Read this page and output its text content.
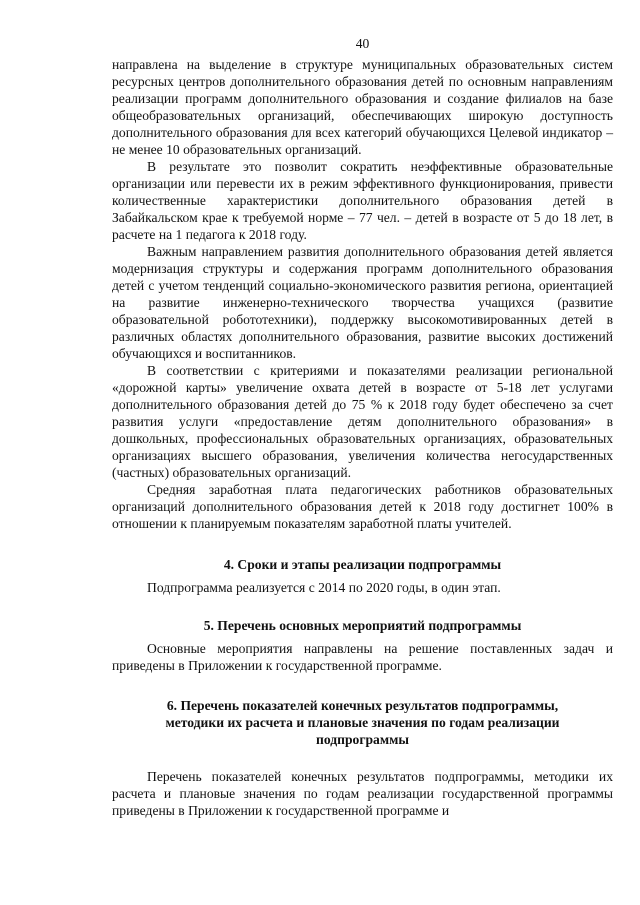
40

направлена на выделение в структуре муниципальных образовательных систем ресурсных центров дополнительного образования детей по основным направлениям реализации программ дополнительного образования и создание филиалов на базе общеобразовательных организаций, обеспечивающих широкую доступность дополнительного образования для всех категорий обучающихся Целевой индикатор – не менее 10 образовательных организаций.

В результате это позволит сократить неэффективные образовательные организации или перевести их в режим эффективного функционирования, привести количественные характеристики дополнительного образования детей в Забайкальском крае к требуемой норме – 77 чел. – детей в возрасте от 5 до 18 лет, в расчете на 1 педагога к 2018 году.

Важным направлением развития дополнительного образования детей является модернизация структуры и содержания программ дополнительного образования детей с учетом тенденций социально-экономического развития региона, ориентацией на развитие инженерно-технического творчества учащихся (развитие образовательной робототехники), поддержку высокомотивированных детей в различных областях дополнительного образования, развитие высоких достижений обучающихся и воспитанников.

В соответствии с критериями и показателями реализации региональной «дорожной карты» увеличение охвата детей в возрасте от 5-18 лет услугами дополнительного образования детей до 75 % к 2018 году будет обеспечено за счет развития услуги «предоставление детям дополнительного образования» в дошкольных, профессиональных образовательных организациях, образовательных организациях высшего образования, увеличения количества негосударственных (частных) образовательных организаций.

Средняя заработная плата педагогических работников образовательных организаций дополнительного образования детей к 2018 году достигнет 100% в отношении к планируемым показателям заработной платы учителей.

4. Сроки и этапы реализации подпрограммы

Подпрограмма реализуется с 2014 по 2020 годы, в один этап.

5. Перечень основных мероприятий подпрограммы

Основные мероприятия направлены на решение поставленных задач и приведены в Приложении к государственной программе.

6. Перечень показателей конечных результатов подпрограммы,
методики их расчета и плановые значения по годам реализации
подпрограммы

Перечень показателей конечных результатов подпрограммы, методики их расчета и плановые значения по годам реализации государственной программы приведены в Приложении к государственной программе и
